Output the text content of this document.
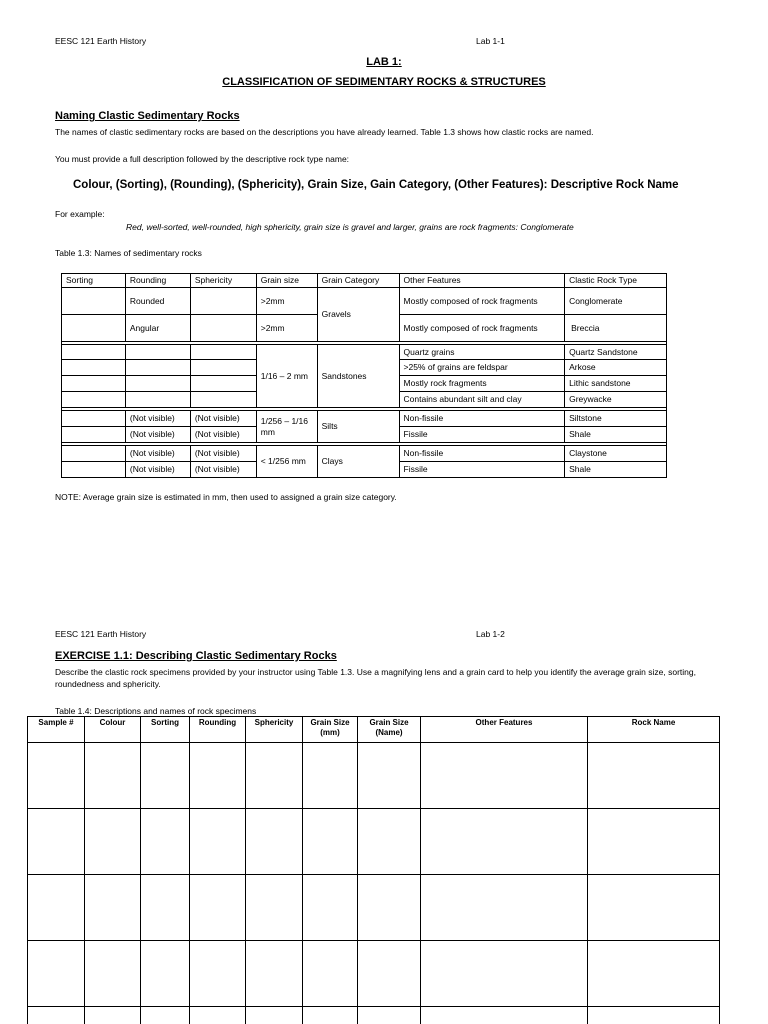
EESC 121 Earth History	Lab 1-1
LAB 1:
CLASSIFICATION OF SEDIMENTARY ROCKS & STRUCTURES
Naming Clastic Sedimentary Rocks
The names of clastic sedimentary rocks are based on the descriptions you have already learned. Table 1.3 shows how clastic rocks are named.
You must provide a full description followed by the descriptive rock type name:
Colour, (Sorting), (Rounding), (Sphericity), Grain Size, Gain Category, (Other Features): Descriptive Rock Name
For example:
Red, well-sorted, well-rounded, high sphericity, grain size is gravel and larger, grains are rock fragments: Conglomerate
Table 1.3: Names of sedimentary rocks
Sorting	Rounding	Sphericity	Grain size	Grain Category	Other Features	Clastic Rock Type
	Rounded		>2mm	Gravels	Mostly composed of rock fragments	Conglomerate
	Angular		>2mm		Mostly composed of rock fragments	Breccia

			1/16 – 2 mm	Sandstones	Quartz grains	Quartz Sandstone
					>25% of grains are feldspar	Arkose
					Mostly rock fragments	Lithic sandstone
					Contains abundant silt and clay	Greywacke

	(Not visible)	(Not visible)	1/256 – 1/16 mm	Silts	Non-fissile	Siltstone
	(Not visible)	(Not visible)			Fissile	Shale

	(Not visible)	(Not visible)	< 1/256 mm	Clays	Non-fissile	Claystone
	(Not visible)	(Not visible)			Fissile	Shale
NOTE: Average grain size is estimated in mm, then used to assigned a grain size category.
EESC 121 Earth History	Lab 1-2
EXERCISE 1.1: Describing Clastic Sedimentary Rocks
Describe the clastic rock specimens provided by your instructor using Table 1.3. Use a magnifying lens and a grain card to help you identify the average grain size, sorting, roundedness and sphericity.
Table 1.4: Descriptions and names of rock specimens
Sample #	Colour	Sorting	Rounding	Sphericity	Grain Size (mm)	Grain Size (Name)	Other Features	Rock Name
